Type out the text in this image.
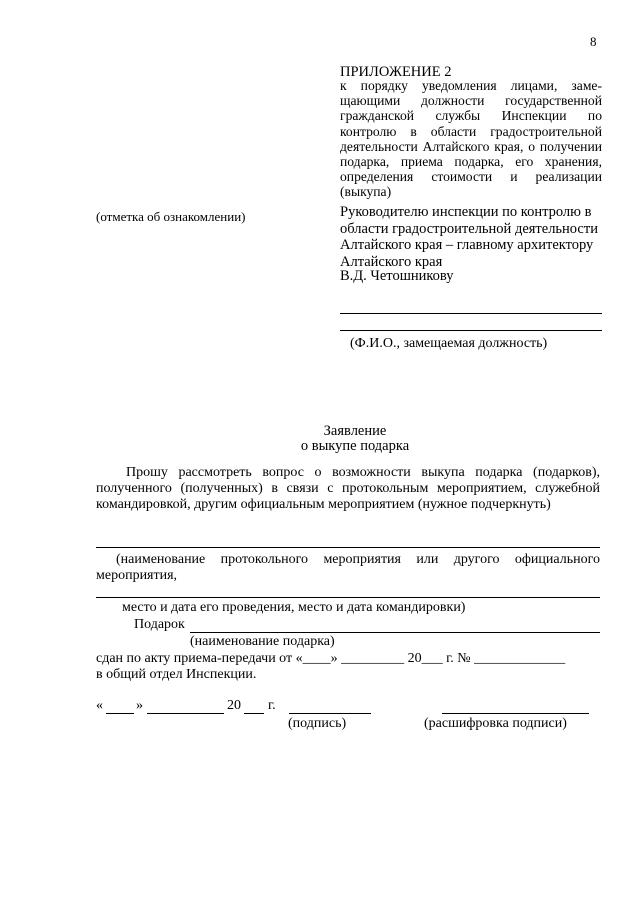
8
ПРИЛОЖЕНИЕ 2
к порядку уведомления лицами, замещающими должности государственной гражданской службы Инспекции по контролю в области градостроительной деятельности Алтайского края, о получении подарка, приема подарка, его хранения, определения стоимости и реализации (выкупа)
(отметка об ознакомлении)	Руководителю инспекции по контролю в области градостроительной деятельности Алтайского края – главному архитектору Алтайского края
В.Д. Четошникову
(Ф.И.О., замещаемая должность)
Заявление
о выкупе подарка
Прошу рассмотреть вопрос о возможности выкупа подарка (подарков), полученного (полученных) в связи с протокольным мероприятием, служебной командировкой, другим официальным мероприятием (нужное подчеркнуть)
(наименование протокольного мероприятия или другого официального мероприятия,
место и дата его проведения, место и дата командировки)
Подарок
(наименование подарка)
сдан по акту приема-передачи от «____» _________ 20___ г. № _____________
в общий отдел Инспекции.
« »	20 г.
(подпись)	(расшифровка подписи)
